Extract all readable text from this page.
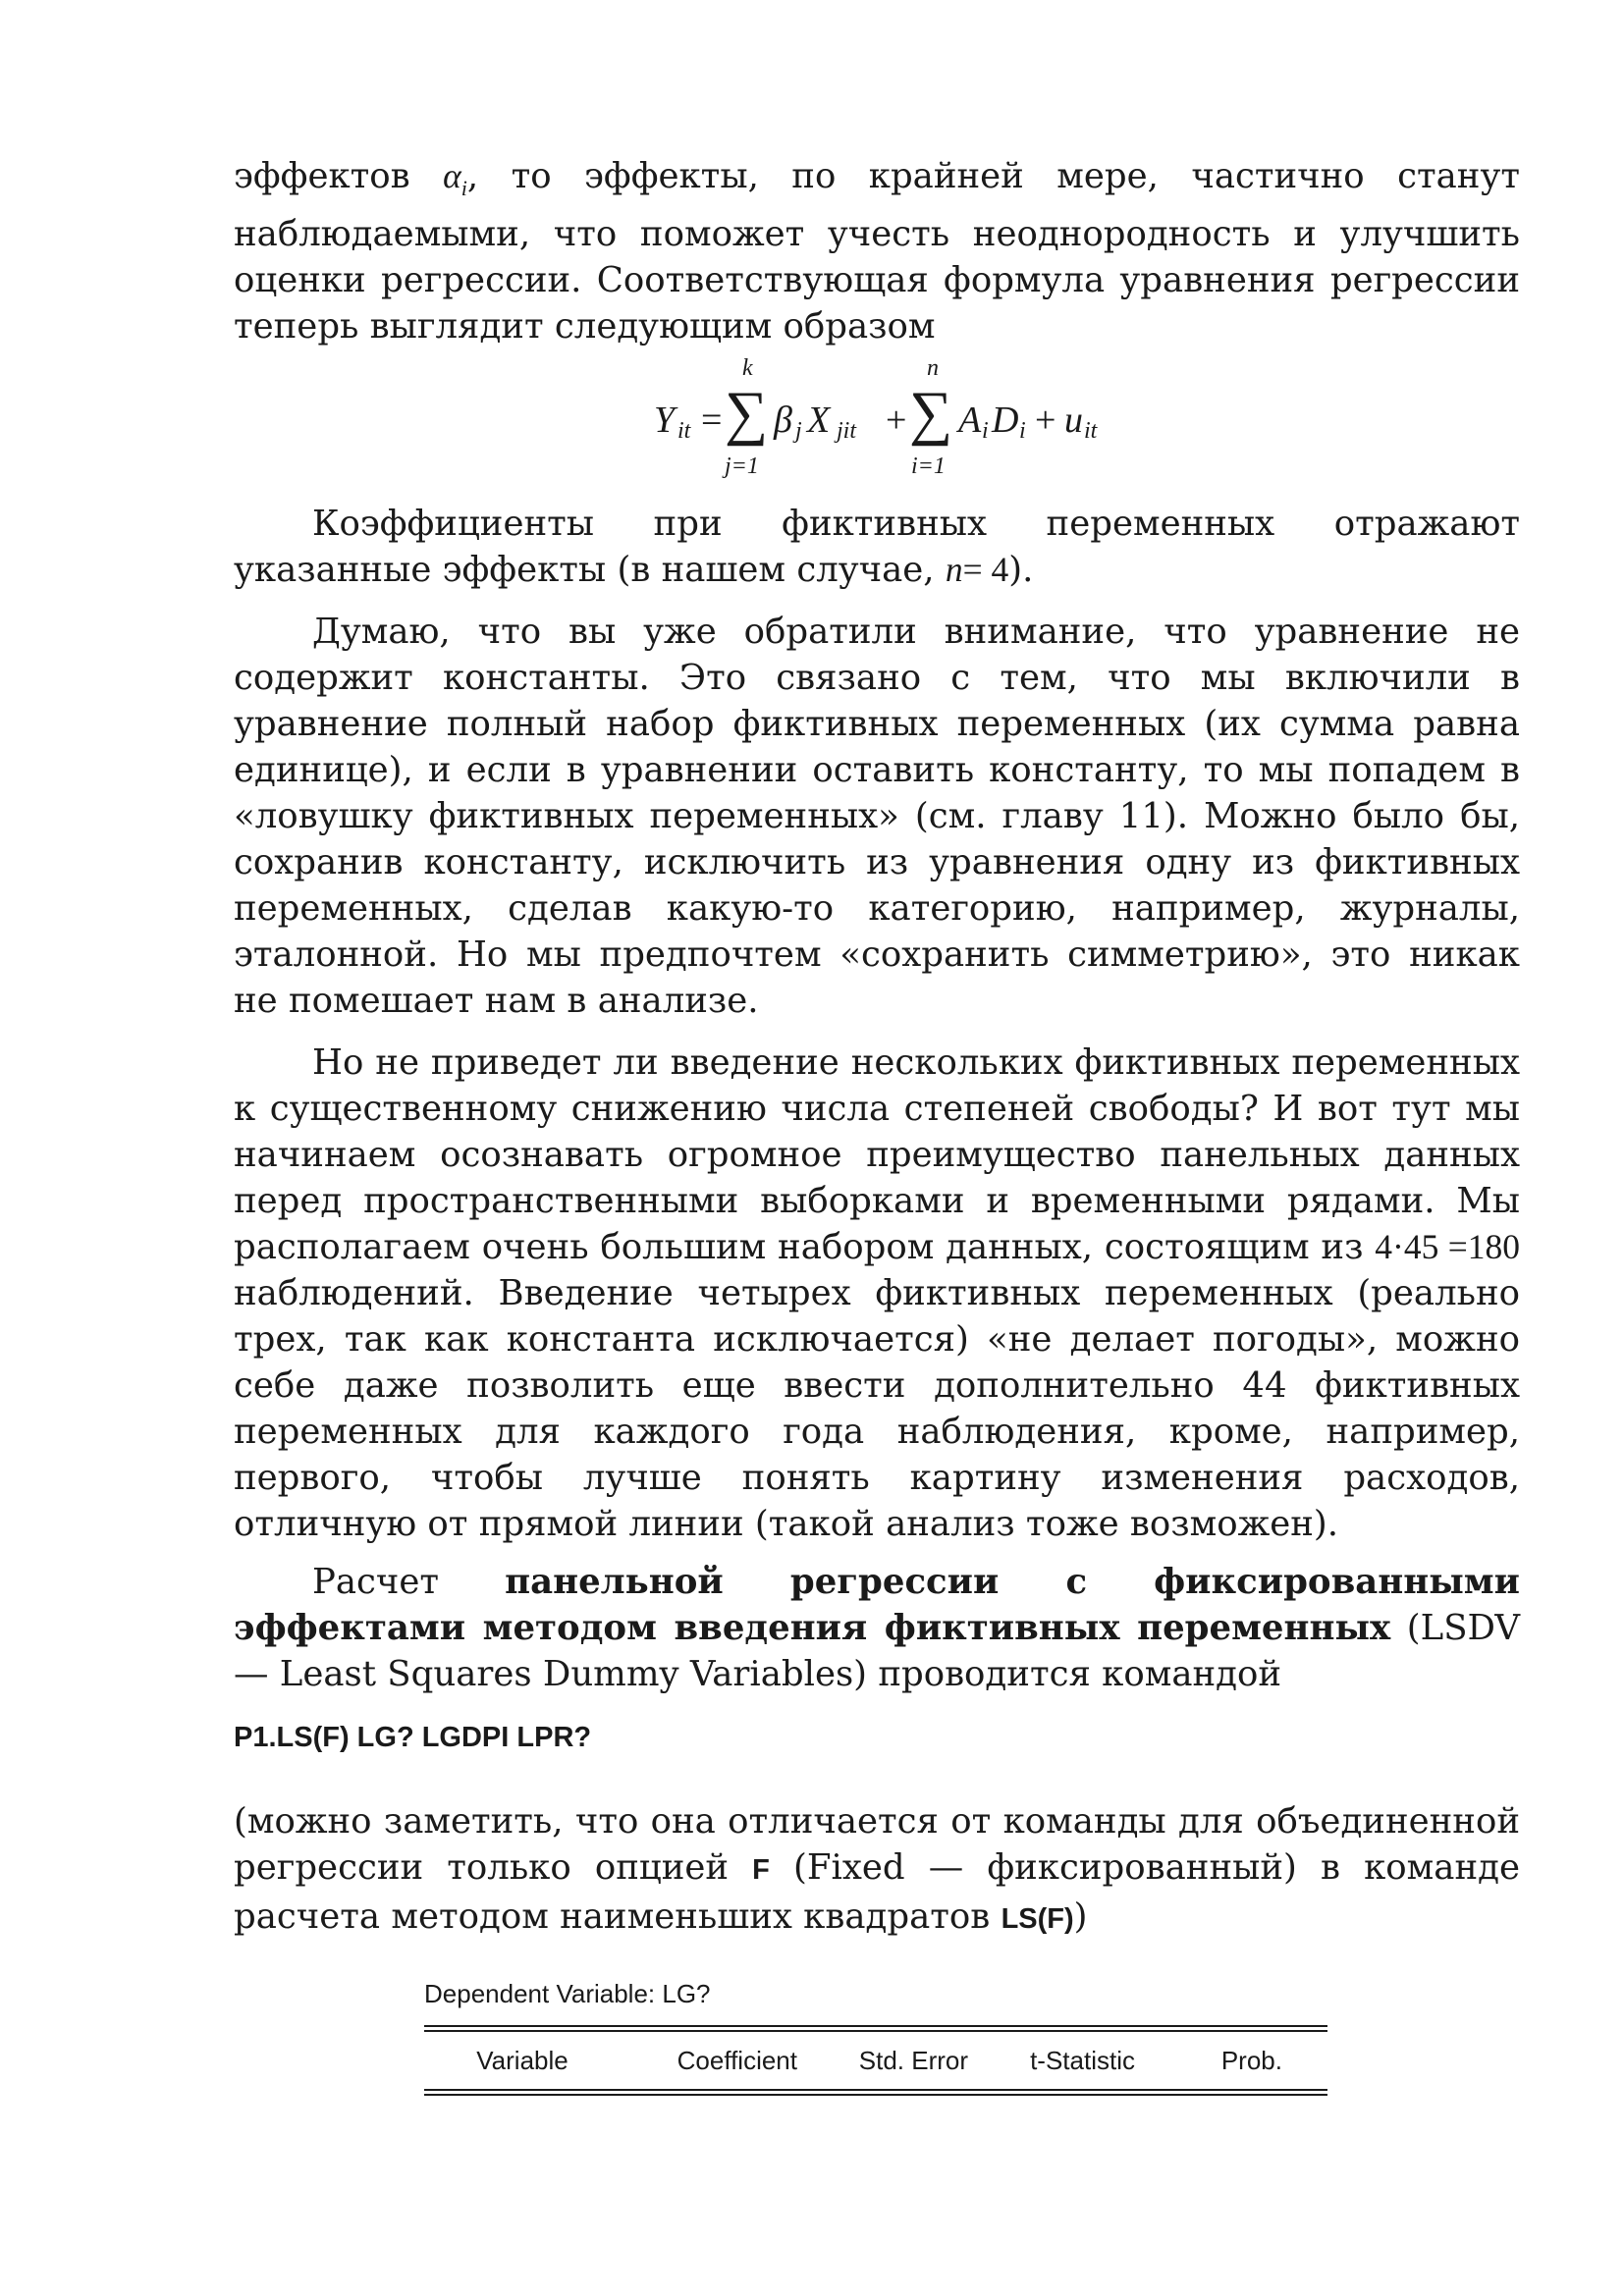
эффектов $\alpha_i$, то эффекты, по крайней мере, частично станут наблюдаемыми, что поможет учесть неоднородность и улучшить оценки регрессии. Соответствующая формула уравнения регрессии теперь выглядит следующим образом

Y it =
k
∑
j=1
β j X jit +
n
∑
i=1
A i D i + u it

Коэффициенты при фиктивных переменных отражают

указанные эффекты (в нашем случае, n= 4).

Думаю, что вы уже обратили внимание, что уравнение не содержит константы. Это связано с тем, что мы включили в уравнение полный набор фиктивных переменных (их сумма равна единице), и если в уравнении оставить константу, то мы попадем в «ловушку фиктивных переменных» (см. главу 11). Можно было бы, сохранив константу, исключить из уравнения одну из фиктивных переменных, сделав какую-то категорию, например, журналы, эталонной. Но мы предпочтем «сохранить симметрию», это никак не помешает нам в анализе.

Но не приведет ли введение нескольких фиктивных переменных к существенному снижению числа степеней свободы? И вот тут мы начинаем осознавать огромное преимущество панельных данных перед пространственными выборками и временными рядами. Мы располагаем очень большим набором данных, состоящим из 4·45 =180 наблюдений. Введение четырех фиктивных переменных (реально трех, так как константа исключается) «не делает погоды», можно себе даже позволить еще ввести дополнительно 44 фиктивных переменных для каждого года наблюдения, кроме, например, первого, чтобы лучше понять картину изменения расходов, отличную от прямой линии (такой анализ тоже возможен).

Расчет панельной регрессии с фиксированными эффектами методом введения фиктивных переменных (LSDV — Least Squares Dummy Variables) проводится командой

P1.LS(F) LG? LGDPI LPR?

(можно заметить, что она отличается от команды для объединенной регрессии только опцией F (Fixed — фиксированный) в команде расчета методом наименьших квадратов LS(F))

Dependent Variable: LG?
Variable	Coefficient	Std. Error	t-Statistic	Prob.
